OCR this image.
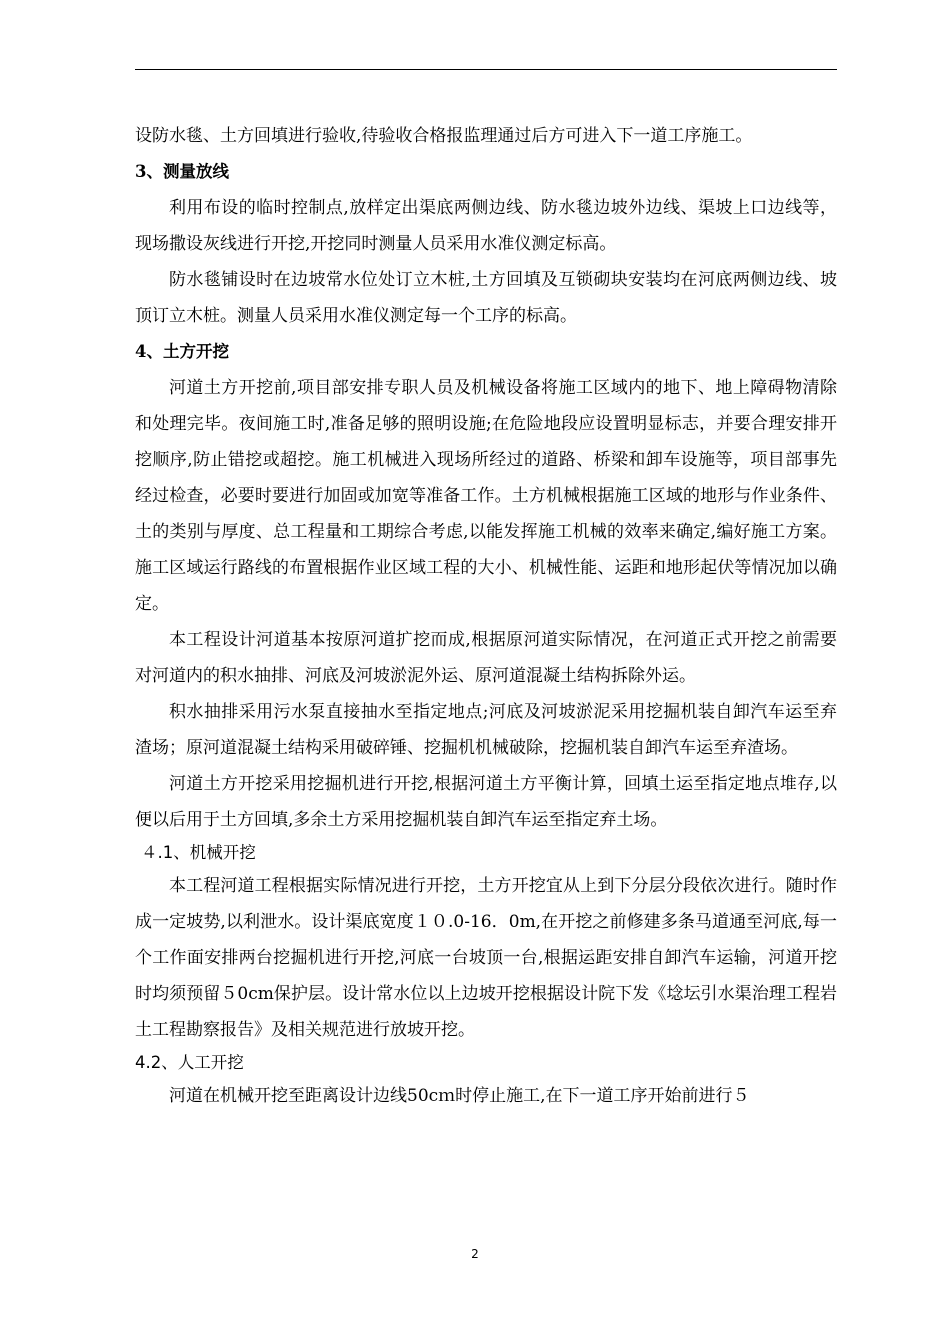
设防水毯、土方回填进行验收,待验收合格报监理通过后方可进入下一道工序施工。

3、测量放线

利用布设的临时控制点,放样定出渠底两侧边线、防水毯边坡外边线、渠坡上口边线等，现场撒设灰线进行开挖,开挖同时测量人员采用水准仪测定标高。

防水毯铺设时在边坡常水位处订立木桩,土方回填及互锁砌块安装均在河底两侧边线、坡顶订立木桩。测量人员采用水准仪测定每一个工序的标高。

4、土方开挖

河道土方开挖前,项目部安排专职人员及机械设备将施工区域内的地下、地上障碍物清除和处理完毕。夜间施工时,准备足够的照明设施;在危险地段应设置明显标志，并要合理安排开挖顺序,防止错挖或超挖。施工机械进入现场所经过的道路、桥梁和卸车设施等，项目部事先经过检查，必要时要进行加固或加宽等准备工作。土方机械根据施工区域的地形与作业条件、土的类别与厚度、总工程量和工期综合考虑,以能发挥施工机械的效率来确定,编好施工方案。施工区域运行路线的布置根据作业区域工程的大小、机械性能、运距和地形起伏等情况加以确定。

本工程设计河道基本按原河道扩挖而成,根据原河道实际情况，在河道正式开挖之前需要对河道内的积水抽排、河底及河坡淤泥外运、原河道混凝土结构拆除外运。

积水抽排采用污水泵直接抽水至指定地点;河底及河坡淤泥采用挖掘机装自卸汽车运至弃渣场；原河道混凝土结构采用破碎锤、挖掘机机械破除，挖掘机装自卸汽车运至弃渣场。

河道土方开挖采用挖掘机进行开挖,根据河道土方平衡计算，回填土运至指定地点堆存,以便以后用于土方回填,多余土方采用挖掘机装自卸汽车运至指定弃土场。

４.1、机械开挖

本工程河道工程根据实际情况进行开挖，土方开挖宜从上到下分层分段依次进行。随时作成一定坡势,以利泄水。设计渠底宽度１０.0-16．0m,在开挖之前修建多条马道通至河底,每一个工作面安排两台挖掘机进行开挖,河底一台坡顶一台,根据运距安排自卸汽车运输，河道开挖时均须预留５0cm保护层。设计常水位以上边坡开挖根据设计院下发《埝坛引水渠治理工程岩土工程勘察报告》及相关规范进行放坡开挖。

4.2、人工开挖

河道在机械开挖至距离设计边线50cｍ时停止施工,在下一道工序开始前进行５

2
